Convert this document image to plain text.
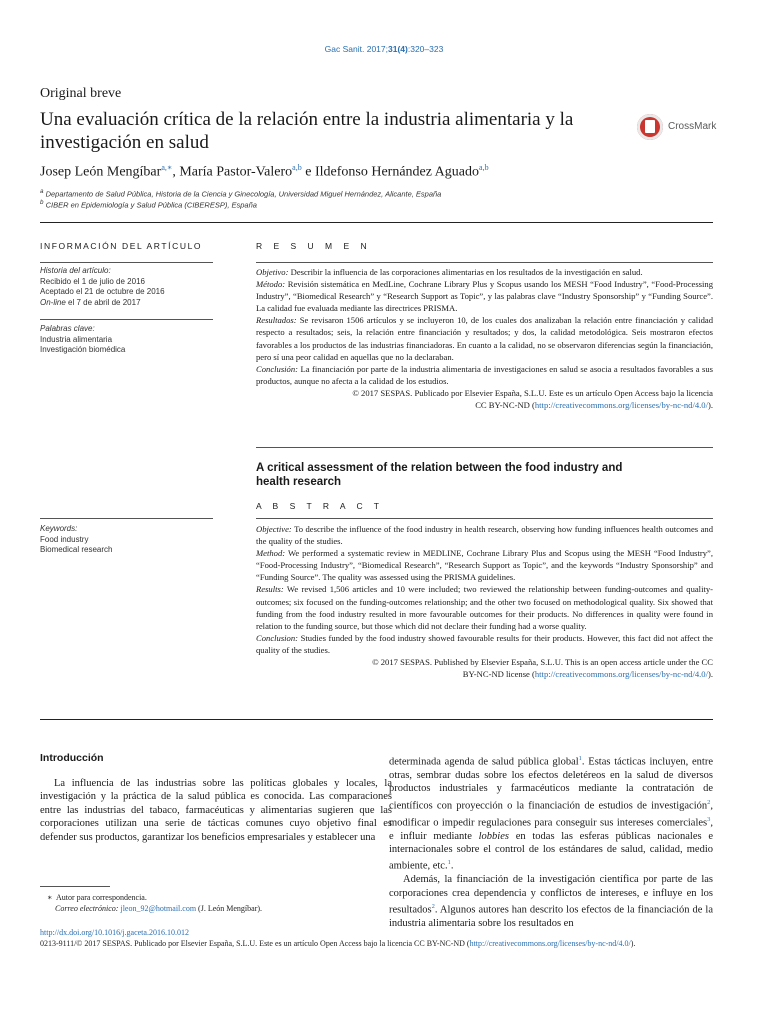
Gac Sanit. 2017;31(4):320–323
Original breve
Una evaluación crítica de la relación entre la industria alimentaria y la investigación en salud
CrossMark
Josep León Mengíbar$^{a,∗}$, María Pastor-Valero$^{a,b}$ e Ildefonso Hernández Aguado$^{a,b}$
$^a$ Departamento de Salud Pública, Historia de la Ciencia y Ginecología, Universidad Miguel Hernández, Alicante, España
$^b$ CIBER en Epidemiología y Salud Pública (CIBERESP), España
INFORMACIÓN DEL ARTÍCULO
Historia del artículo:
Recibido el 1 de julio de 2016
Aceptado el 21 de octubre de 2016
On-line el 7 de abril de 2017
Palabras clave:
Industria alimentaria
Investigación biomédica
R E S U M E N

Objetivo: Describir la influencia de las corporaciones alimentarias en los resultados de la investigación en salud.

Método: Revisión sistemática en MedLine, Cochrane Library Plus y Scopus usando los MESH “Food Industry”, “Food-Processing Industry”, “Biomedical Research” y “Research Support as Topic”, y las palabras clave “Industry Sponsorship” y “Funding Source”. La calidad fue evaluada mediante las directrices PRISMA.

Resultados: Se revisaron 1506 artículos y se incluyeron 10, de los cuales dos analizaban la relación entre financiación y calidad respecto a resultados; seis, la relación entre financiación y resultados; y dos, la calidad metodológica. Seis mostraron efectos favorables a los productos de las industrias financiadoras. En cuanto a la calidad, no se observaron diferencias según la financiación, pero sí una peor calidad en aquellas que no la declaraban.

Conclusión: La financiación por parte de la industria alimentaria de investigaciones en salud se asocia a resultados favorables a sus productos, aunque no afecta a la calidad de los estudios.

© 2017 SESPAS. Publicado por Elsevier España, S.L.U. Este es un artículo Open Access bajo la licencia

CC BY-NC-ND (http://creativecommons.org/licenses/by-nc-nd/4.0/).

A critical assessment of the relation between the food industry and health research
A B S T R A C T
Keywords:
Food industry
Biomedical research

Objective: To describe the influence of the food industry in health research, observing how funding influences health outcomes and the quality of the studies.

Method: We performed a systematic review in MEDLINE, Cochrane Library Plus and Scopus using the MESH “Food Industry”, “Food-Processing Industry”, “Biomedical Research”, “Research Support as Topic”, and the keywords “Industry Sponsorship” and “Funding Source”. The quality was assessed using the PRISMA guidelines.

Results: We revised 1,506 articles and 10 were included; two reviewed the relationship between funding-outcomes and quality-outcomes; six focused on the funding-outcomes relationship; and the other two focused on methodological quality. Six showed that funding from the food industry resulted in more favourable outcomes for their products. No differences in quality were found in relation to the funding source, but those which did not declare their funding had a worse quality.

Conclusion: Studies funded by the food industry showed favourable results for their products. However, this fact did not affect the quality of the studies.

© 2017 SESPAS. Published by Elsevier España, S.L.U. This is an open access article under the CC

BY-NC-ND license (http://creativecommons.org/licenses/by-nc-nd/4.0/).

Introducción
La influencia de las industrias sobre las políticas globales y locales, la investigación y la práctica de la salud pública es conocida. Las comparaciones entre las industrias del tabaco, farmacéuticas y alimentarias sugieren que las corporaciones utilizan una serie de tácticas comunes cuyo objetivo final es defender sus productos, garantizar los beneficios empresariales y establecer una

determinada agenda de salud pública global$^1$. Estas tácticas incluyen, entre otras, sembrar dudas sobre los efectos deletéreos en la salud de diversos productos industriales y farmacéuticos mediante la contratación de científicos con proyección o la financiación de estudios de investigación$^2$, modificar o impedir regulaciones para conseguir sus intereses comerciales$^3$, e influir mediante lobbies en todas las esferas públicas nacionales e internacionales sobre el control de los estándares de salud, calidad, medio ambiente, etc.$^1$.

Además, la financiación de la investigación científica por parte de las corporaciones crea dependencia y conflictos de intereses, e influye en los resultados$^2$. Algunos autores han descrito los efectos de la financiación de la industria alimentaria sobre los resultados en

∗ Autor para correspondencia.
Correo electrónico: jleon_92@hotmail.com (J. León Mengíbar).
http://dx.doi.org/10.1016/j.gaceta.2016.10.012
0213-9111/© 2017 SESPAS. Publicado por Elsevier España, S.L.U. Este es un artículo Open Access bajo la licencia CC BY-NC-ND (http://creativecommons.org/licenses/by-nc-nd/4.0/).
